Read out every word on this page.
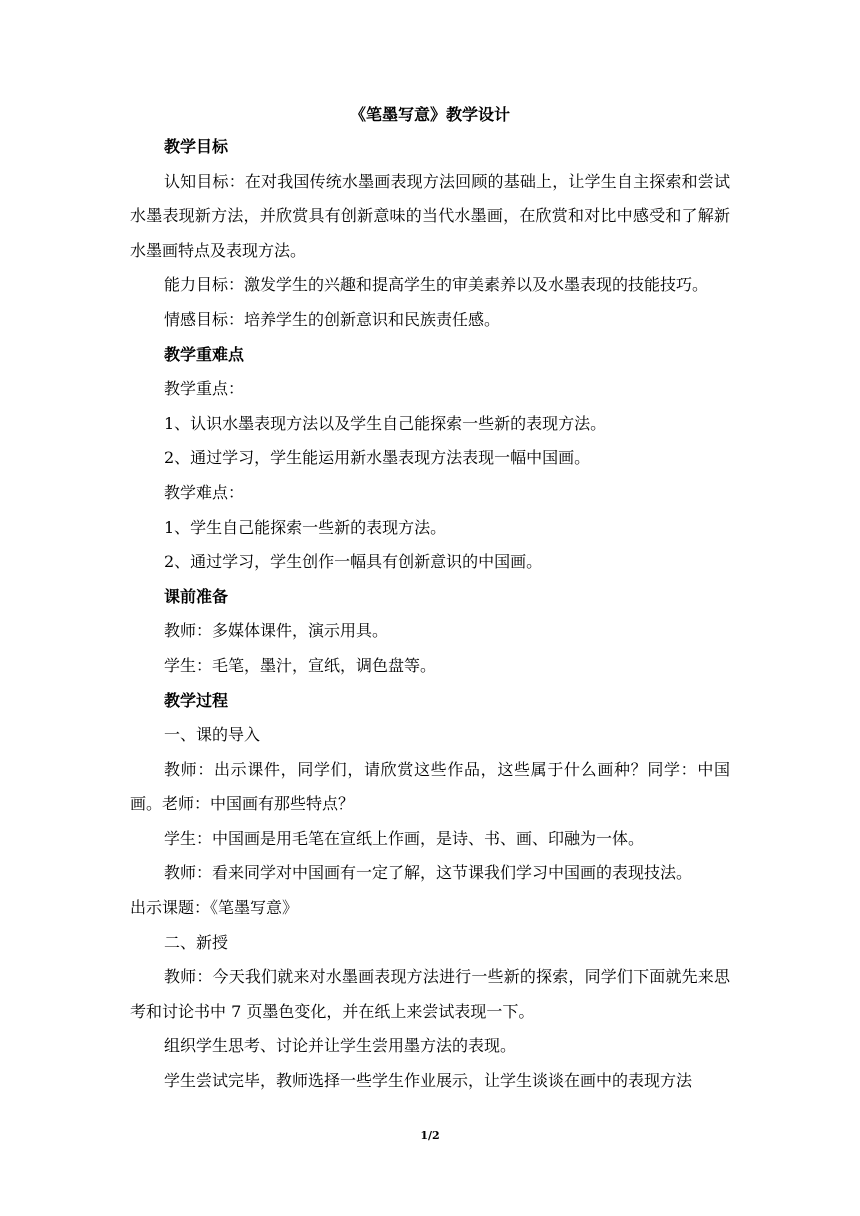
《笔墨写意》教学设计

教学目标

认知目标：在对我国传统水墨画表现方法回顾的基础上，让学生自主探索和尝试水墨表现新方法，并欣赏具有创新意味的当代水墨画，在欣赏和对比中感受和了解新水墨画特点及表现方法。

能力目标：激发学生的兴趣和提高学生的审美素养以及水墨表现的技能技巧。

情感目标：培养学生的创新意识和民族责任感。

教学重难点

教学重点：

1、认识水墨表现方法以及学生自己能探索一些新的表现方法。

2、通过学习，学生能运用新水墨表现方法表现一幅中国画。

教学难点：

1、学生自己能探索一些新的表现方法。

2、通过学习，学生创作一幅具有创新意识的中国画。

课前准备

教师：多媒体课件，演示用具。

学生：毛笔，墨汁，宣纸，调色盘等。

教学过程

一、课的导入

教师：出示课件，同学们，请欣赏这些作品，这些属于什么画种？同学：中国画。老师：中国画有那些特点？

学生：中国画是用毛笔在宣纸上作画，是诗、书、画、印融为一体。

教师：看来同学对中国画有一定了解，这节课我们学习中国画的表现技法。

出示课题：《笔墨写意》

二、新授

教师：今天我们就来对水墨画表现方法进行一些新的探索，同学们下面就先来思考和讨论书中 7 页墨色变化，并在纸上来尝试表现一下。

组织学生思考、讨论并让学生尝用墨方法的表现。

学生尝试完毕，教师选择一些学生作业展示，让学生谈谈在画中的表现方法

1/2
